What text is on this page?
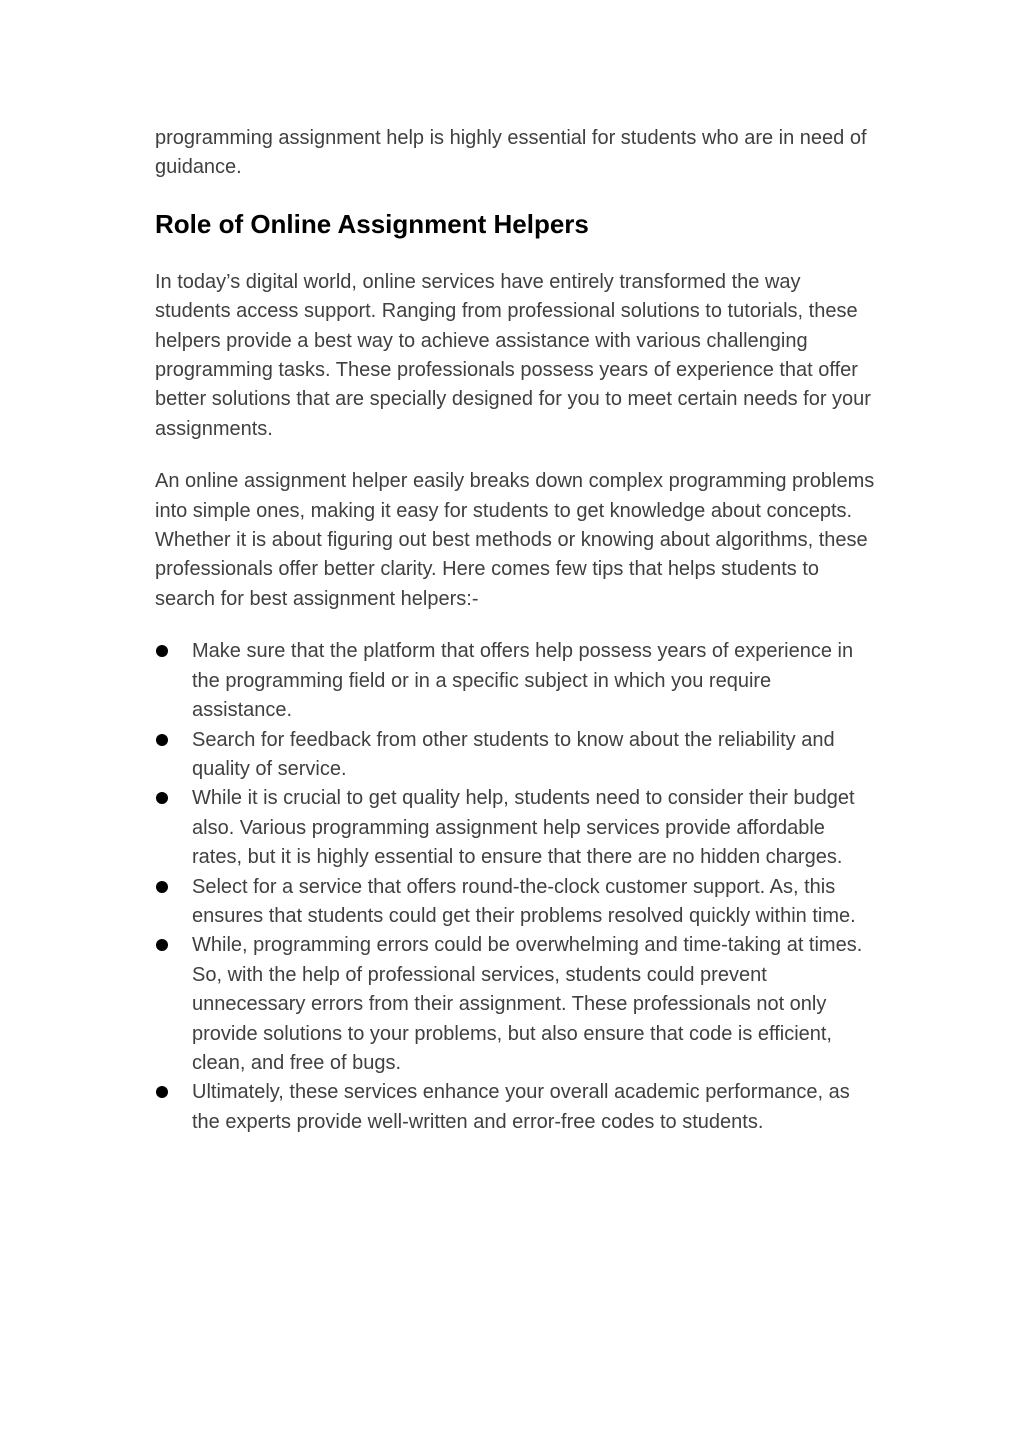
programming assignment help is highly essential for students who are in need of guidance.

Role of Online Assignment Helpers

In today’s digital world, online services have entirely transformed the way students access support. Ranging from professional solutions to tutorials, these helpers provide a best way to achieve assistance with various challenging programming tasks. These professionals possess years of experience that offer better solutions that are specially designed for you to meet certain needs for your assignments.

An online assignment helper easily breaks down complex programming problems into simple ones, making it easy for students to get knowledge about concepts. Whether it is about figuring out best methods or knowing about algorithms, these professionals offer better clarity. Here comes few tips that helps students to search for best assignment helpers:-

Make sure that the platform that offers help possess years of experience in the programming field or in a specific subject in which you require assistance.
Search for feedback from other students to know about the reliability and quality of service.
While it is crucial to get quality help, students need to consider their budget also. Various programming assignment help services provide affordable rates, but it is highly essential to ensure that there are no hidden charges.
Select for a service that offers round-the-clock customer support. As, this ensures that students could get their problems resolved quickly within time.
While, programming errors could be overwhelming and time-taking at times. So, with the help of professional services, students could prevent unnecessary errors from their assignment. These professionals not only provide solutions to your problems, but also ensure that code is efficient, clean, and free of bugs.
Ultimately, these services enhance your overall academic performance, as the experts provide well-written and error-free codes to students.
